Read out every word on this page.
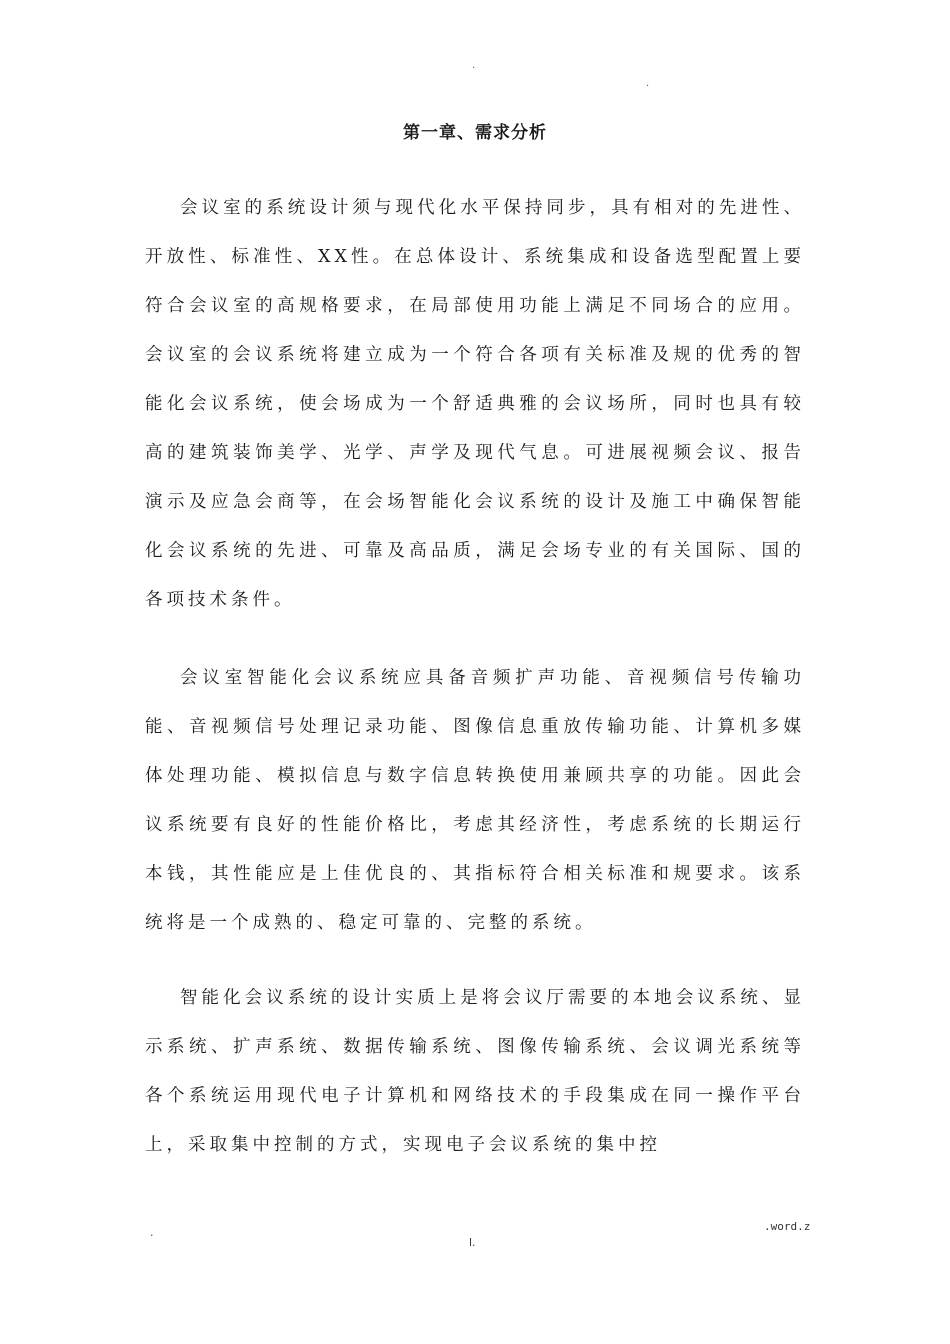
.
.
第一章、需求分析

会议室的系统设计须与现代化水平保持同步，具有相对的先进性、开放性、标准性、XX性。在总体设计、系统集成和设备选型配置上要符合会议室的高规格要求，在局部使用功能上满足不同场合的应用。会议室的会议系统将建立成为一个符合各项有关标准及规的优秀的智能化会议系统，使会场成为一个舒适典雅的会议场所，同时也具有较高的建筑装饰美学、光学、声学及现代气息。可进展视频会议、报告演示及应急会商等，在会场智能化会议系统的设计及施工中确保智能化会议系统的先进、可靠及高品质，满足会场专业的有关国际、国的各项技术条件。

会议室智能化会议系统应具备音频扩声功能、音视频信号传输功能、音视频信号处理记录功能、图像信息重放传输功能、计算机多媒体处理功能、模拟信息与数字信息转换使用兼顾共享的功能。因此会议系统要有良好的性能价格比，考虑其经济性，考虑系统的长期运行本钱，其性能应是上佳优良的、其指标符合相关标准和规要求。该系统将是一个成熟的、稳定可靠的、完整的系统。

智能化会议系统的设计实质上是将会议厅需要的本地会议系统、显示系统、扩声系统、数据传输系统、图像传输系统、会议调光系统等各个系统运用现代电子计算机和网络技术的手段集成在同一操作平台上，采取集中控制的方式，实现电子会议系统的集中控

.	.word.z
l.
